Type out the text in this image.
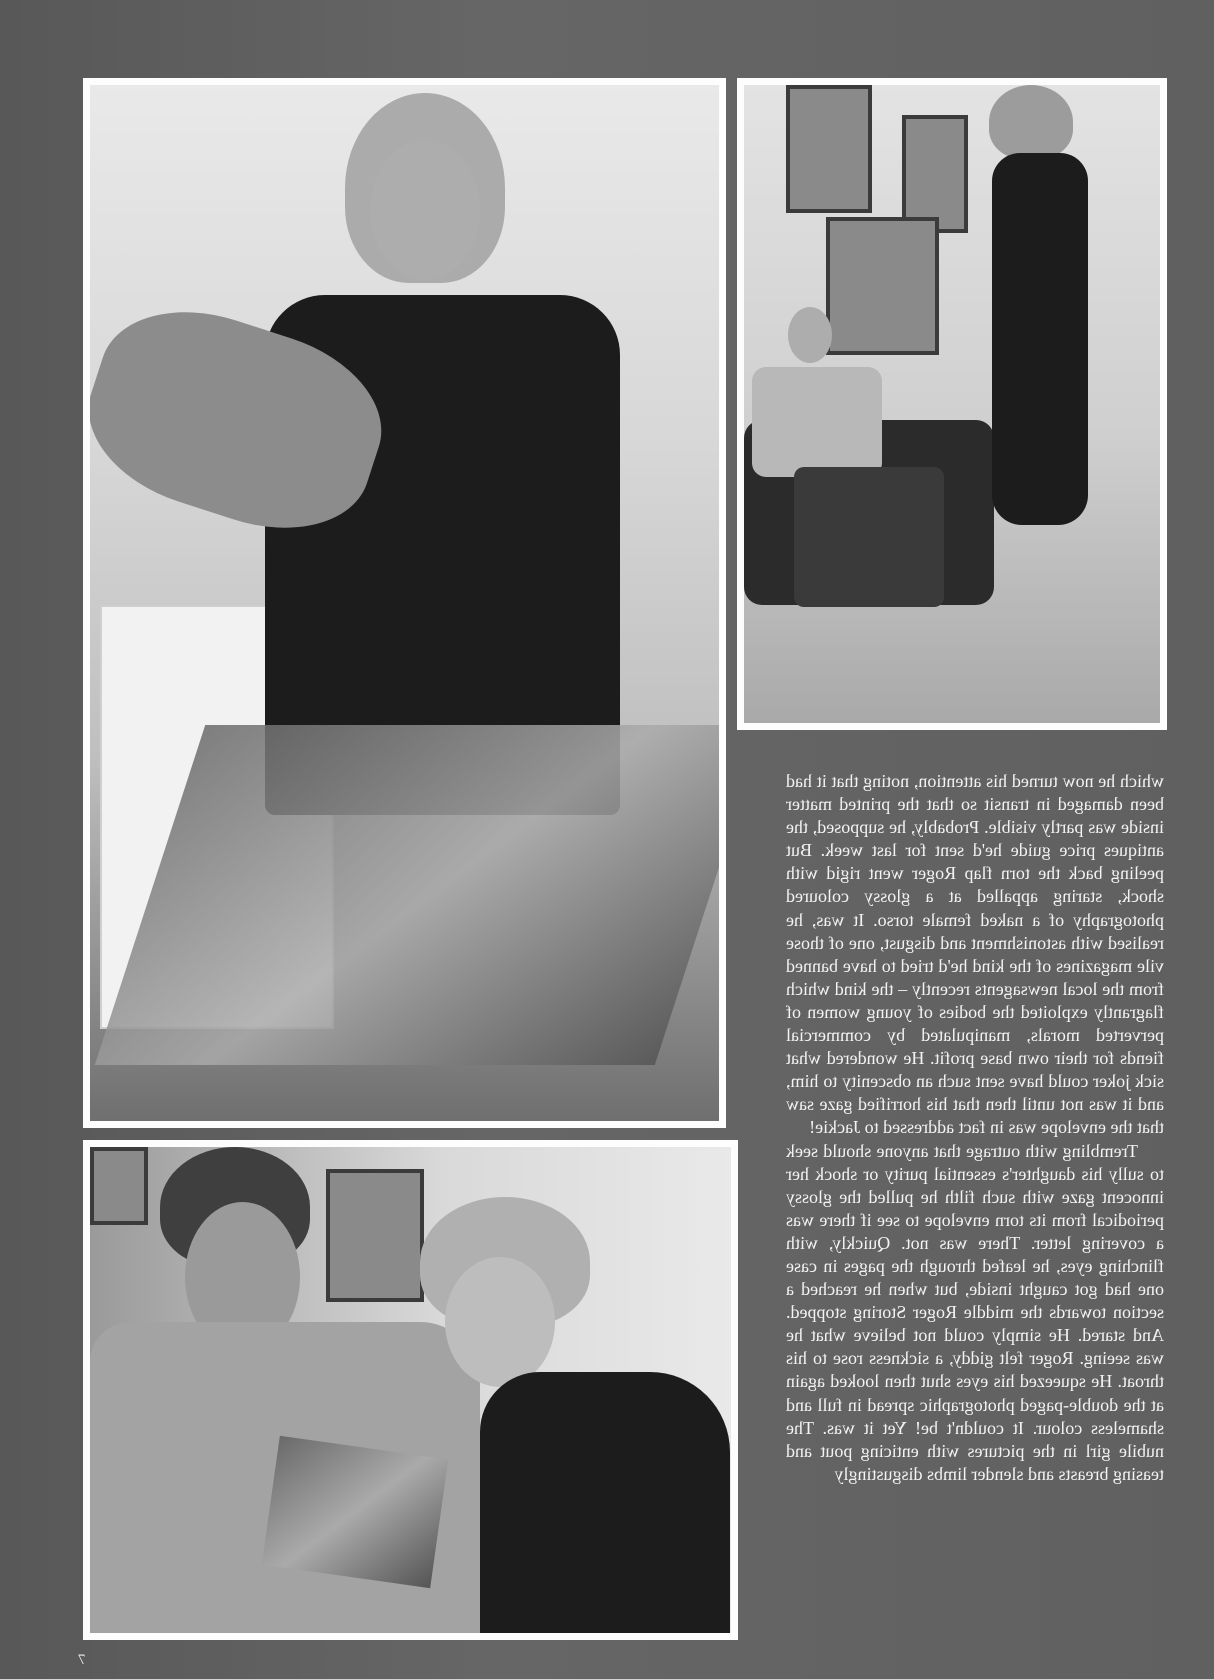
which he now turned his attention, noting that it had been damaged in transit so that the printed matter inside was partly visible. Probably, he supposed, the antiques price guide he'd sent for last week. But peeling back the torn flap Roger went rigid with shock, staring appalled at a glossy coloured photography of a naked female torso. It was, he realised with astonishment and disgust, one of those vile magazines of the kind he'd tried to have banned from the local newsagents recently – the kind which flagrantly exploited the bodies of young women of perverted morals, manipulated by commercial fiends for their own base profit. He wondered what sick joker could have sent such an obscenity to him, and it was not until then that his horrified gaze saw that the envelope was in fact addressed to Jackie!

Trembling with outrage that anyone should seek to sully his daughter's essential purity or shock her innocent gaze with such filth he pulled the glossy periodical from its torn envelope to see if there was a covering letter. There was not. Quickly, with flinching eyes, he leafed through the pages in case one had got caught inside, but when he reached a section towards the middle Roger Storing stopped. And stared. He simply could not believe what he was seeing. Roger felt giddy, a sickness rose to his throat. He squeezed his eyes shut then looked again at the double-paged photographic spread in full and shameless colour. It couldn't be! Yet it was. The nubile girl in the pictures with enticing pout and teasing breasts and slender limbs disgustingly

7
